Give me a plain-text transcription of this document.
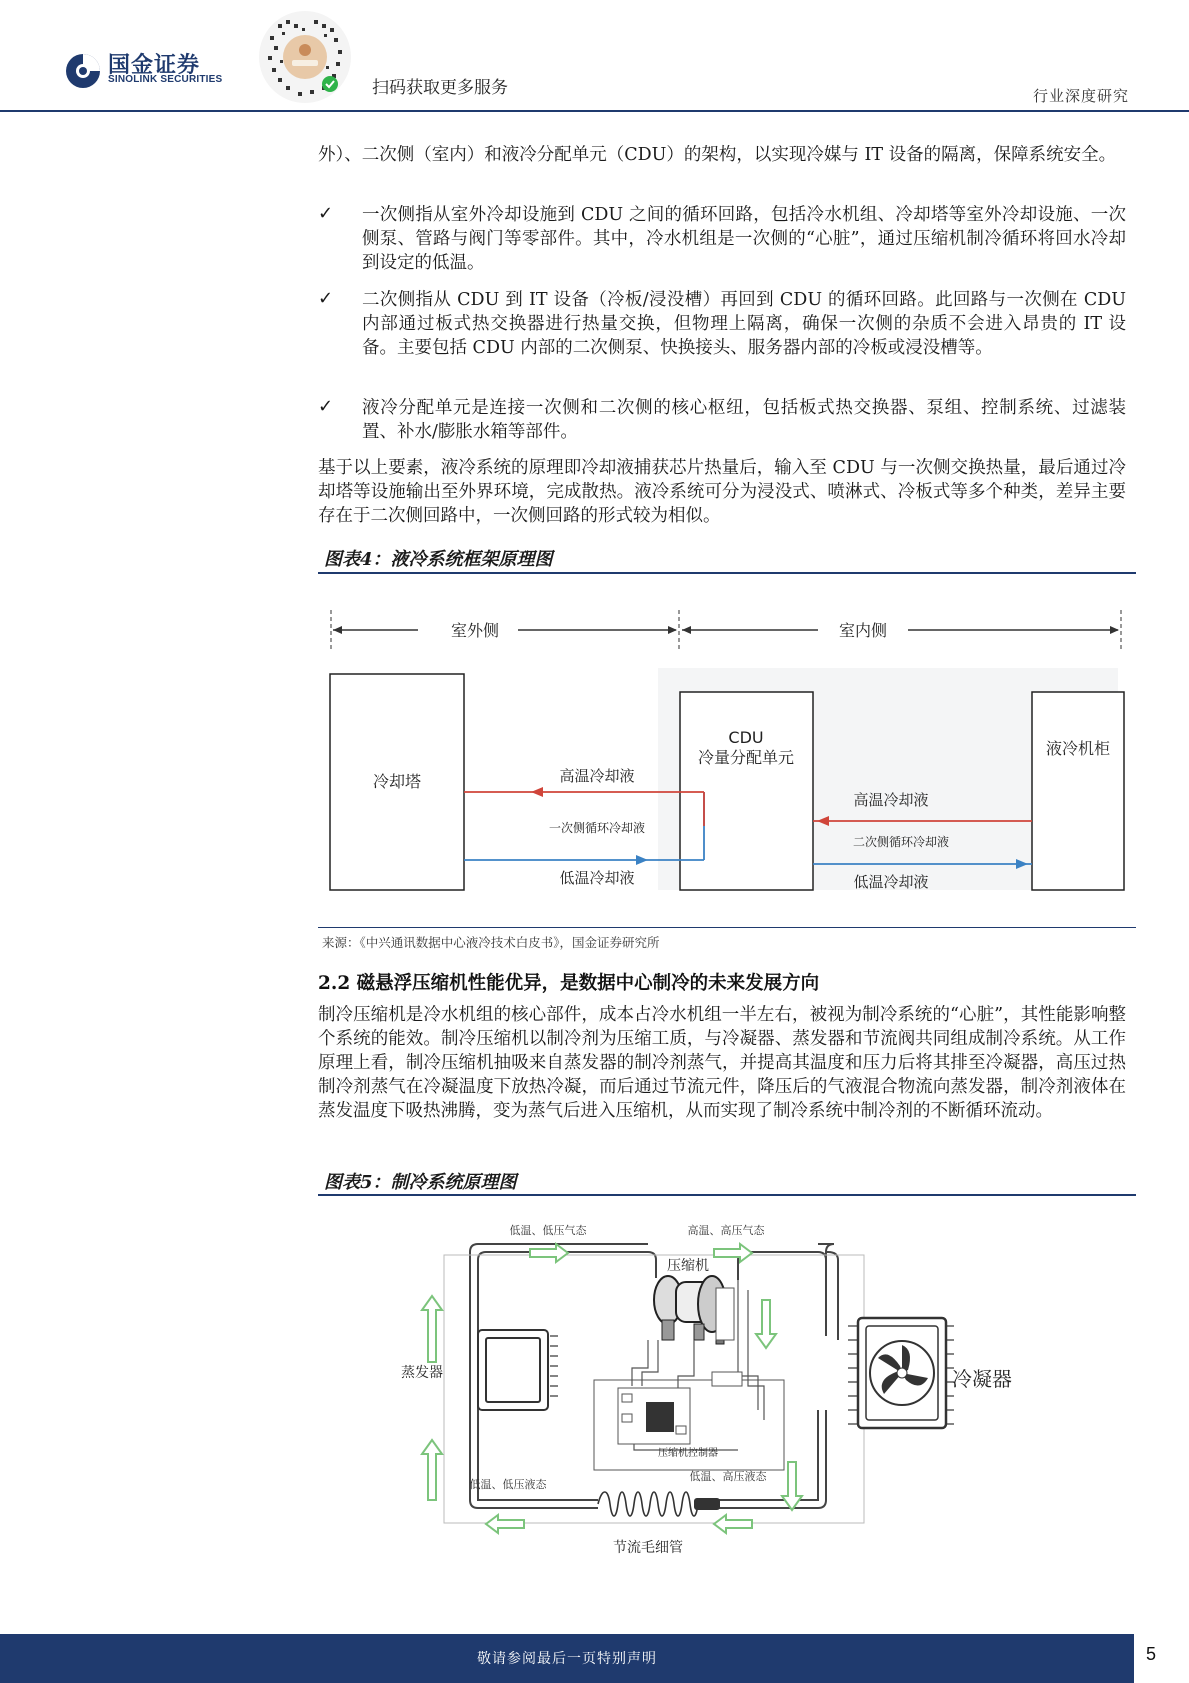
国金证券
SINOLINK SECURITIES	扫码获取更多服务	行业深度研究
外）、二次侧（室内）和液冷分配单元（CDU）的架构，以实现冷媒与 IT 设备的隔离，保障系统安全。
✓ 一次侧指从室外冷却设施到 CDU 之间的循环回路，包括冷水机组、冷却塔等室外冷却设施、一次侧泵、管路与阀门等零部件。其中，冷水机组是一次侧的“心脏”，通过压缩机制冷循环将回水冷却到设定的低温。
✓ 二次侧指从 CDU 到 IT 设备（冷板/浸没槽）再回到 CDU 的循环回路。此回路与一次侧在 CDU 内部通过板式热交换器进行热量交换，但物理上隔离，确保一次侧的杂质不会进入昂贵的 IT 设备。主要包括 CDU 内部的二次侧泵、快换接头、服务器内部的冷板或浸没槽等。
✓ 液冷分配单元是连接一次侧和二次侧的核心枢纽，包括板式热交换器、泵组、控制系统、过滤装置、补水/膨胀水箱等部件。
基于以上要素，液冷系统的原理即冷却液捕获芯片热量后，输入至 CDU 与一次侧交换热量，最后通过冷却塔等设施输出至外界环境，完成散热。液冷系统可分为浸没式、喷淋式、冷板式等多个种类，差异主要存在于二次侧回路中，一次侧回路的形式较为相似。
图表4：液冷系统框架原理图
室外侧	室内侧
冷却塔
CDU
冷量分配单元	液冷机柜
高温冷却液
一次侧循环冷却液
低温冷却液
高温冷却液
二次侧循环冷却液
低温冷却液
来源：《中兴通讯数据中心液冷技术白皮书》，国金证券研究所
2.2 磁悬浮压缩机性能优异，是数据中心制冷的未来发展方向
制冷压缩机是冷水机组的核心部件，成本占冷水机组一半左右，被视为制冷系统的“心脏”，其性能影响整个系统的能效。制冷压缩机以制冷剂为压缩工质，与冷凝器、蒸发器和节流阀共同组成制冷系统。从工作原理上看，制冷压缩机抽吸来自蒸发器的制冷剂蒸气，并提高其温度和压力后将其排至冷凝器，高压过热制冷剂蒸气在冷凝温度下放热冷凝，而后通过节流元件，降压后的气液混合物流向蒸发器，制冷剂液体在蒸发温度下吸热沸腾，变为蒸气后进入压缩机，从而实现了制冷系统中制冷剂的不断循环流动。
图表5：制冷系统原理图
蒸发器	冷凝器
压缩机
压缩机控制器
节流毛细管
低温、低压气态	高温、高压气态
低温、低压液态
低温、高压液态
敬请参阅最后一页特别声明	5
